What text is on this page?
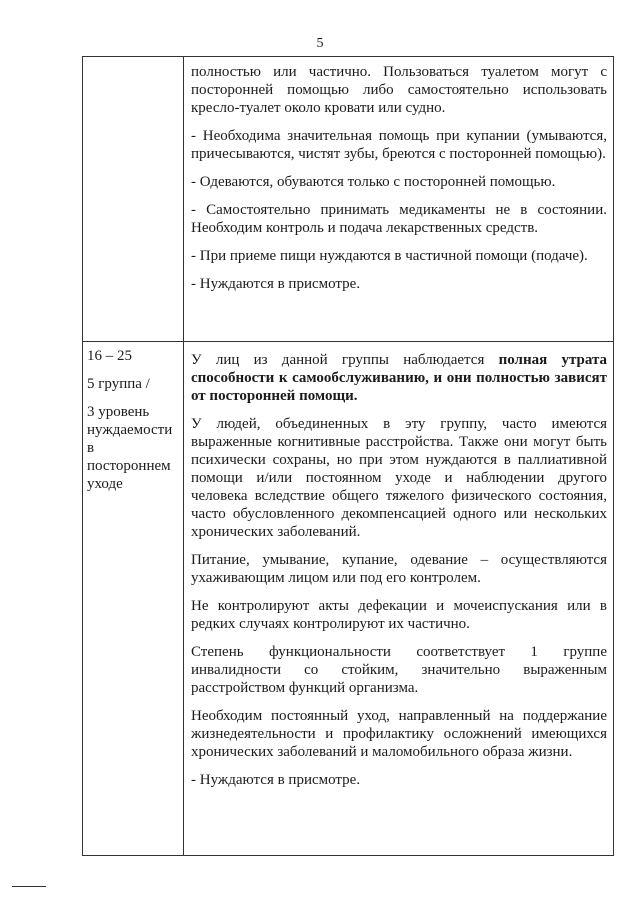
5

полностью или частично. Пользоваться туалетом могут с посторонней помощью либо самостоятельно использовать кресло-туалет около кровати или судно.

- Необходима значительная помощь при купании (умываются, причесываются, чистят зубы, бреются с посторонней помощью).

- Одеваются, обуваются только с посторонней помощью.

- Самостоятельно принимать медикаменты не в состоянии. Необходим контроль и подача лекарственных средств.

- При приеме пищи нуждаются в частичной помощи (подаче).

- Нуждаются в присмотре.

16 – 25
5 группа /
3 уровень нуждаемости в постороннем уходе

У лиц из данной группы наблюдается полная утрата способности к самообслуживанию, и они полностью зависят от посторонней помощи.

У людей, объединенных в эту группу, часто имеются выраженные когнитивные расстройства. Также они могут быть психически сохраны, но при этом нуждаются в паллиативной помощи и/или постоянном уходе и наблюдении другого человека вследствие общего тяжелого физического состояния, часто обусловленного декомпенсацией одного или нескольких хронических заболеваний.

Питание, умывание, купание, одевание – осуществляются ухаживающим лицом или под его контролем.

Не контролируют акты дефекации и мочеиспускания или в редких случаях контролируют их частично.

Степень функциональности соответствует 1 группе инвалидности со стойким, значительно выраженным расстройством функций организма.

Необходим постоянный уход, направленный на поддержание жизнедеятельности и профилактику осложнений имеющихся хронических заболеваний и маломобильного образа жизни.

- Нуждаются в присмотре.
